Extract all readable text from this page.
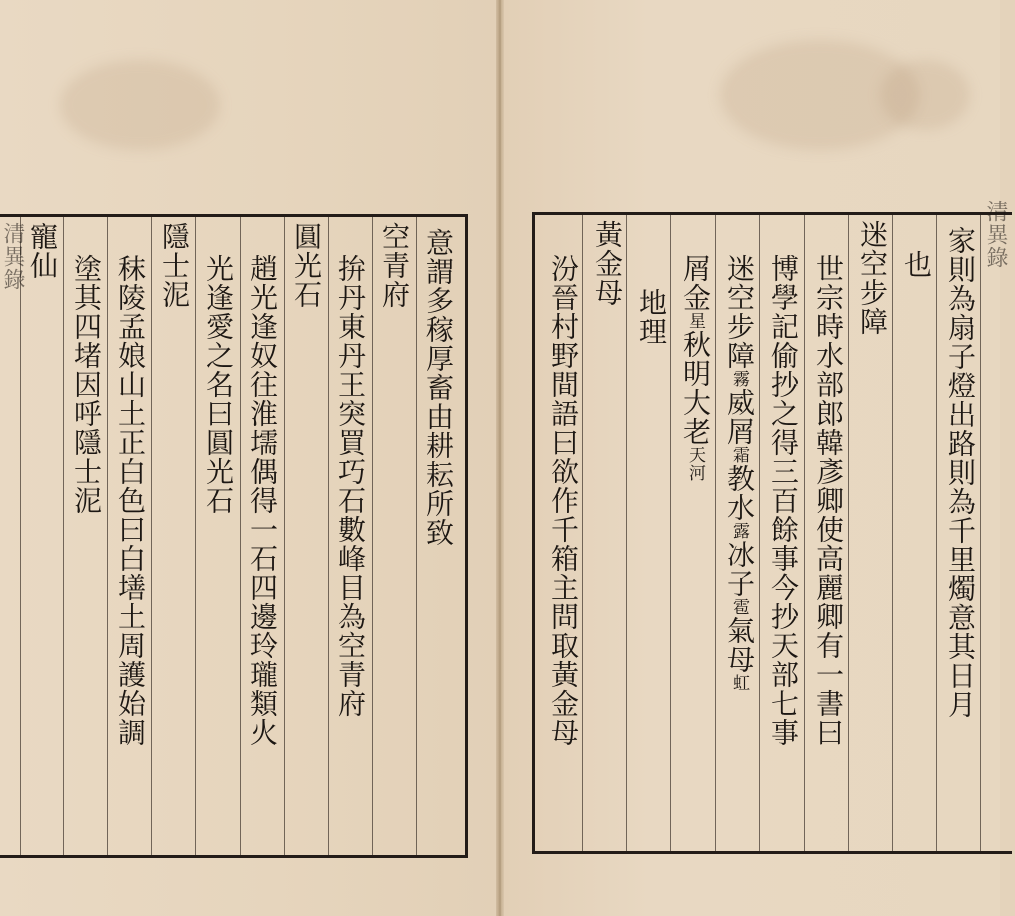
意謂多稼厚畜由耕耘所致
空青府
拚丹東丹王突買巧石數峰目為空青府
圓光石
趙光逢奴往淮壖偶得一石四邊玲瓏類火
光逢愛之名曰圓光石
隱士泥
秣陵孟娘山土正白色曰白墡土周護始調
塗其四堵因呼隱士泥
寵仙
清異錄	家則為扇子燈出路則為千里燭意其日月
也
迷空步障
世宗時水部郎韓彥卿使高麗卿有一書曰
博學記偷抄之得三百餘事今抄天部七事
迷空步障霧威屑霜教水露冰子雹氣母虹
屑金星秋明大老天河
地理
黃金母
汾晉村野間語曰欲作千箱主問取黃金母
清異錄
